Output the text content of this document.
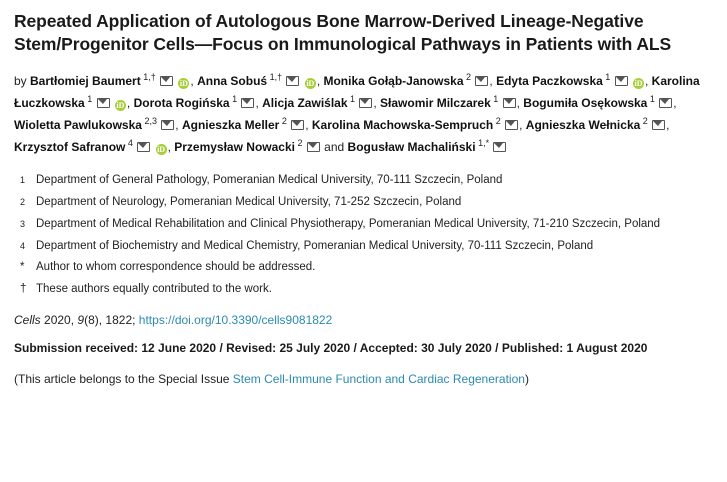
Repeated Application of Autologous Bone Marrow-Derived Lineage-Negative Stem/Progenitor Cells—Focus on Immunological Pathways in Patients with ALS
by Bartłomiej Baumert $^{1,\dagger}$  iD , Anna Sobuś $^{1,\dagger}$  iD , Monika Gołąb-Janowska $^2$ , Edyta Paczkowska $^1$  iD , Karolina Łuczkowska $^1$  iD , Dorota Rogińska $^1$ , Alicja Zawiślak $^1$ , Sławomir Milczarek $^1$ , Bogumiła Osękowska $^1$ , Wioletta Pawlukowska $^{2,3}$ , Agnieszka Meller $^2$ , Karolina Machowska-Sempruch $^2$ , Agnieszka Wełnicka $^2$ , Krzysztof Safranow $^4$  iD , Przemysław Nowacki $^2$  and Bogusław Machaliński $^{1,*}$
1 Department of General Pathology, Pomeranian Medical University, 70-111 Szczecin, Poland
2 Department of Neurology, Pomeranian Medical University, 71-252 Szczecin, Poland
3 Department of Medical Rehabilitation and Clinical Physiotherapy, Pomeranian Medical University, 71-210 Szczecin, Poland
4 Department of Biochemistry and Medical Chemistry, Pomeranian Medical University, 70-111 Szczecin, Poland
*	Author to whom correspondence should be addressed.
† These authors equally contributed to the work.
Cells 2020, 9(8), 1822; https://doi.org/10.3390/cells9081822
Submission received: 12 June 2020 / Revised: 25 July 2020 / Accepted: 30 July 2020 / Published: 1 August 2020
(This article belongs to the Special Issue Stem Cell-Immune Function and Cardiac Regeneration)
